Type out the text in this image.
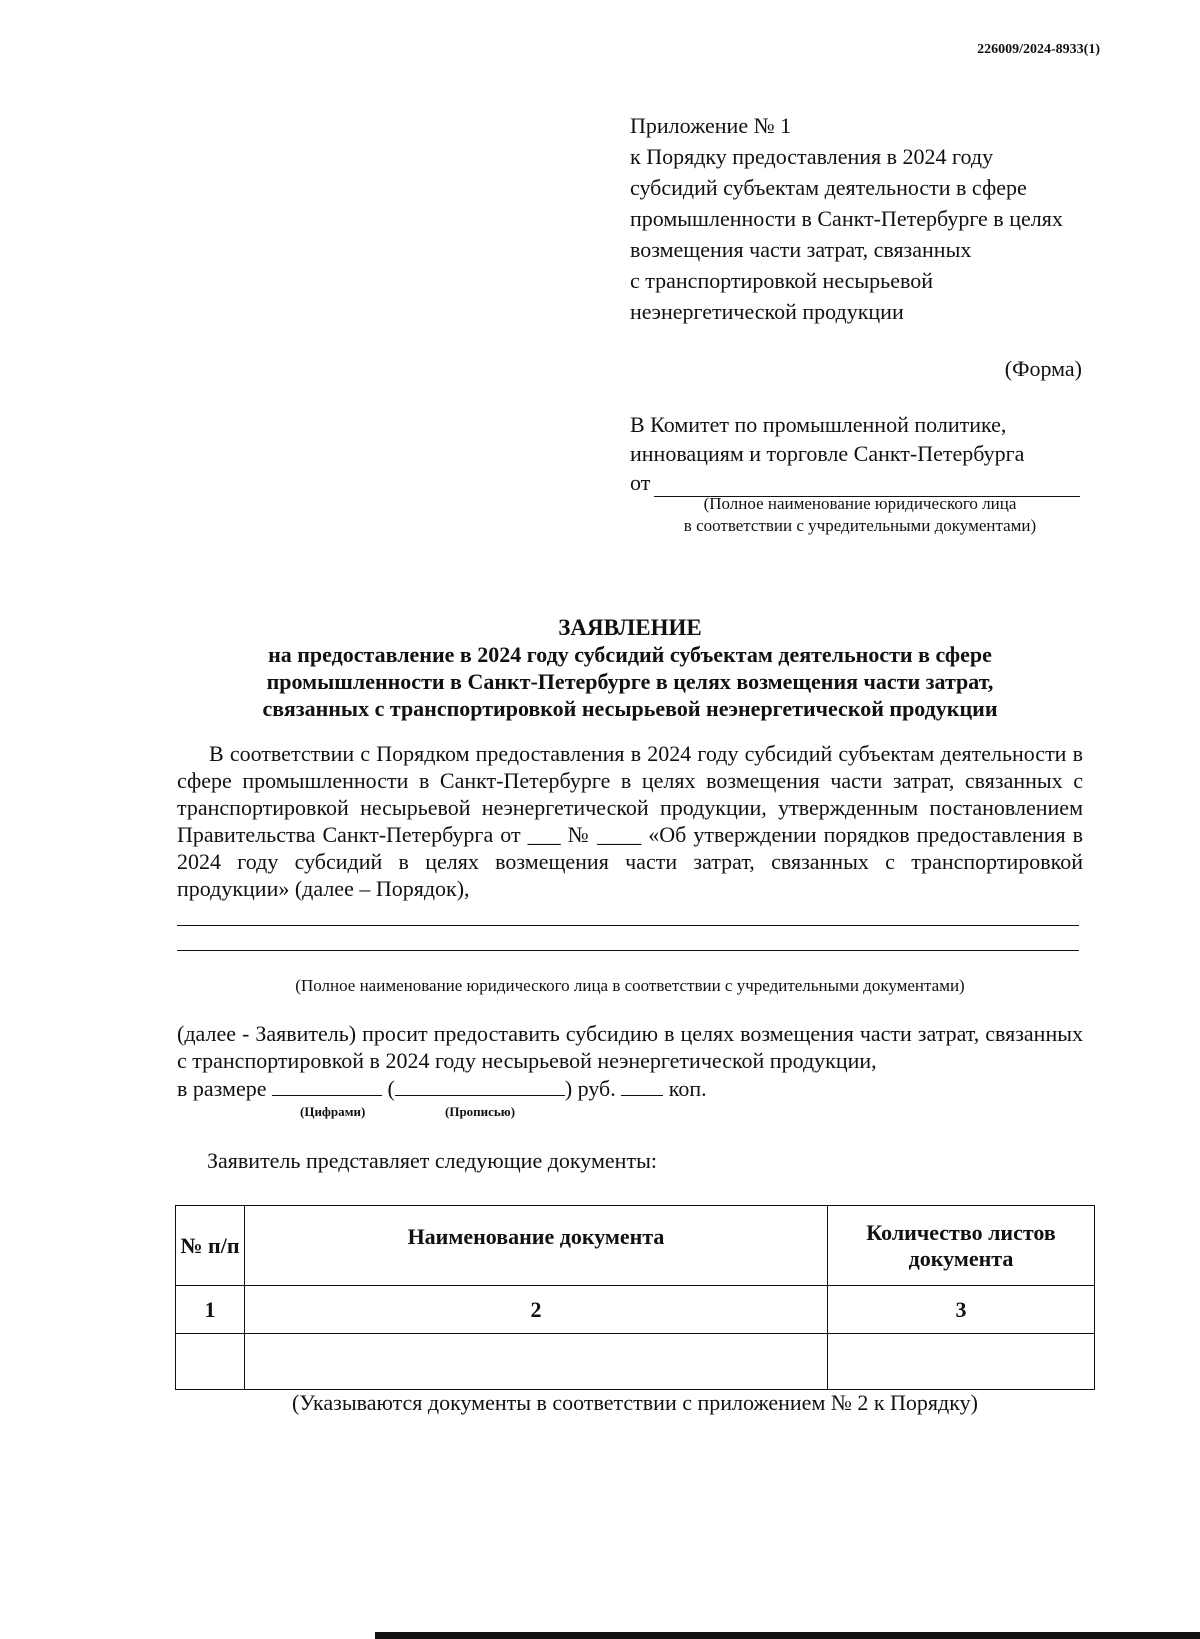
226009/2024-8933(1)
Приложение № 1
к Порядку предоставления в 2024 году
субсидий субъектам деятельности в сфере
промышленности в Санкт-Петербурге в целях
возмещения части затрат, связанных
с транспортировкой несырьевой
неэнергетической продукции
(Форма)
В Комитет по промышленной политике,
инновациям и торговле Санкт-Петербурга
от
(Полное наименование юридического лица
в соответствии с учредительными документами)
ЗАЯВЛЕНИЕ
на предоставление в 2024 году субсидий субъектам деятельности в сфере
промышленности в Санкт-Петербурге в целях возмещения части затрат,
связанных с транспортировкой несырьевой неэнергетической продукции

В соответствии с Порядком предоставления в 2024 году субсидий субъектам деятельности в сфере промышленности в Санкт-Петербурге в целях возмещения части затрат, связанных с транспортировкой несырьевой неэнергетической продукции, утвержденным постановлением Правительства Санкт-Петербурга от ___ № ____ «Об утверждении порядков предоставления в 2024 году субсидий в целях возмещения части затрат, связанных с транспортировкой продукции» (далее – Порядок),

(Полное наименование юридического лица в соответствии с учредительными документами)
(далее - Заявитель) просит предоставить субсидию в целях возмещения части затрат, связанных с транспортировкой в 2024 году несырьевой неэнергетической продукции,
в размере	(	) руб. коп.
(Цифрами)	(Прописью)
Заявитель представляет следующие документы:
№ п/п	Наименование документа	Количество листов документа
1	2	3

(Указываются документы в соответствии с приложением № 2 к Порядку)
